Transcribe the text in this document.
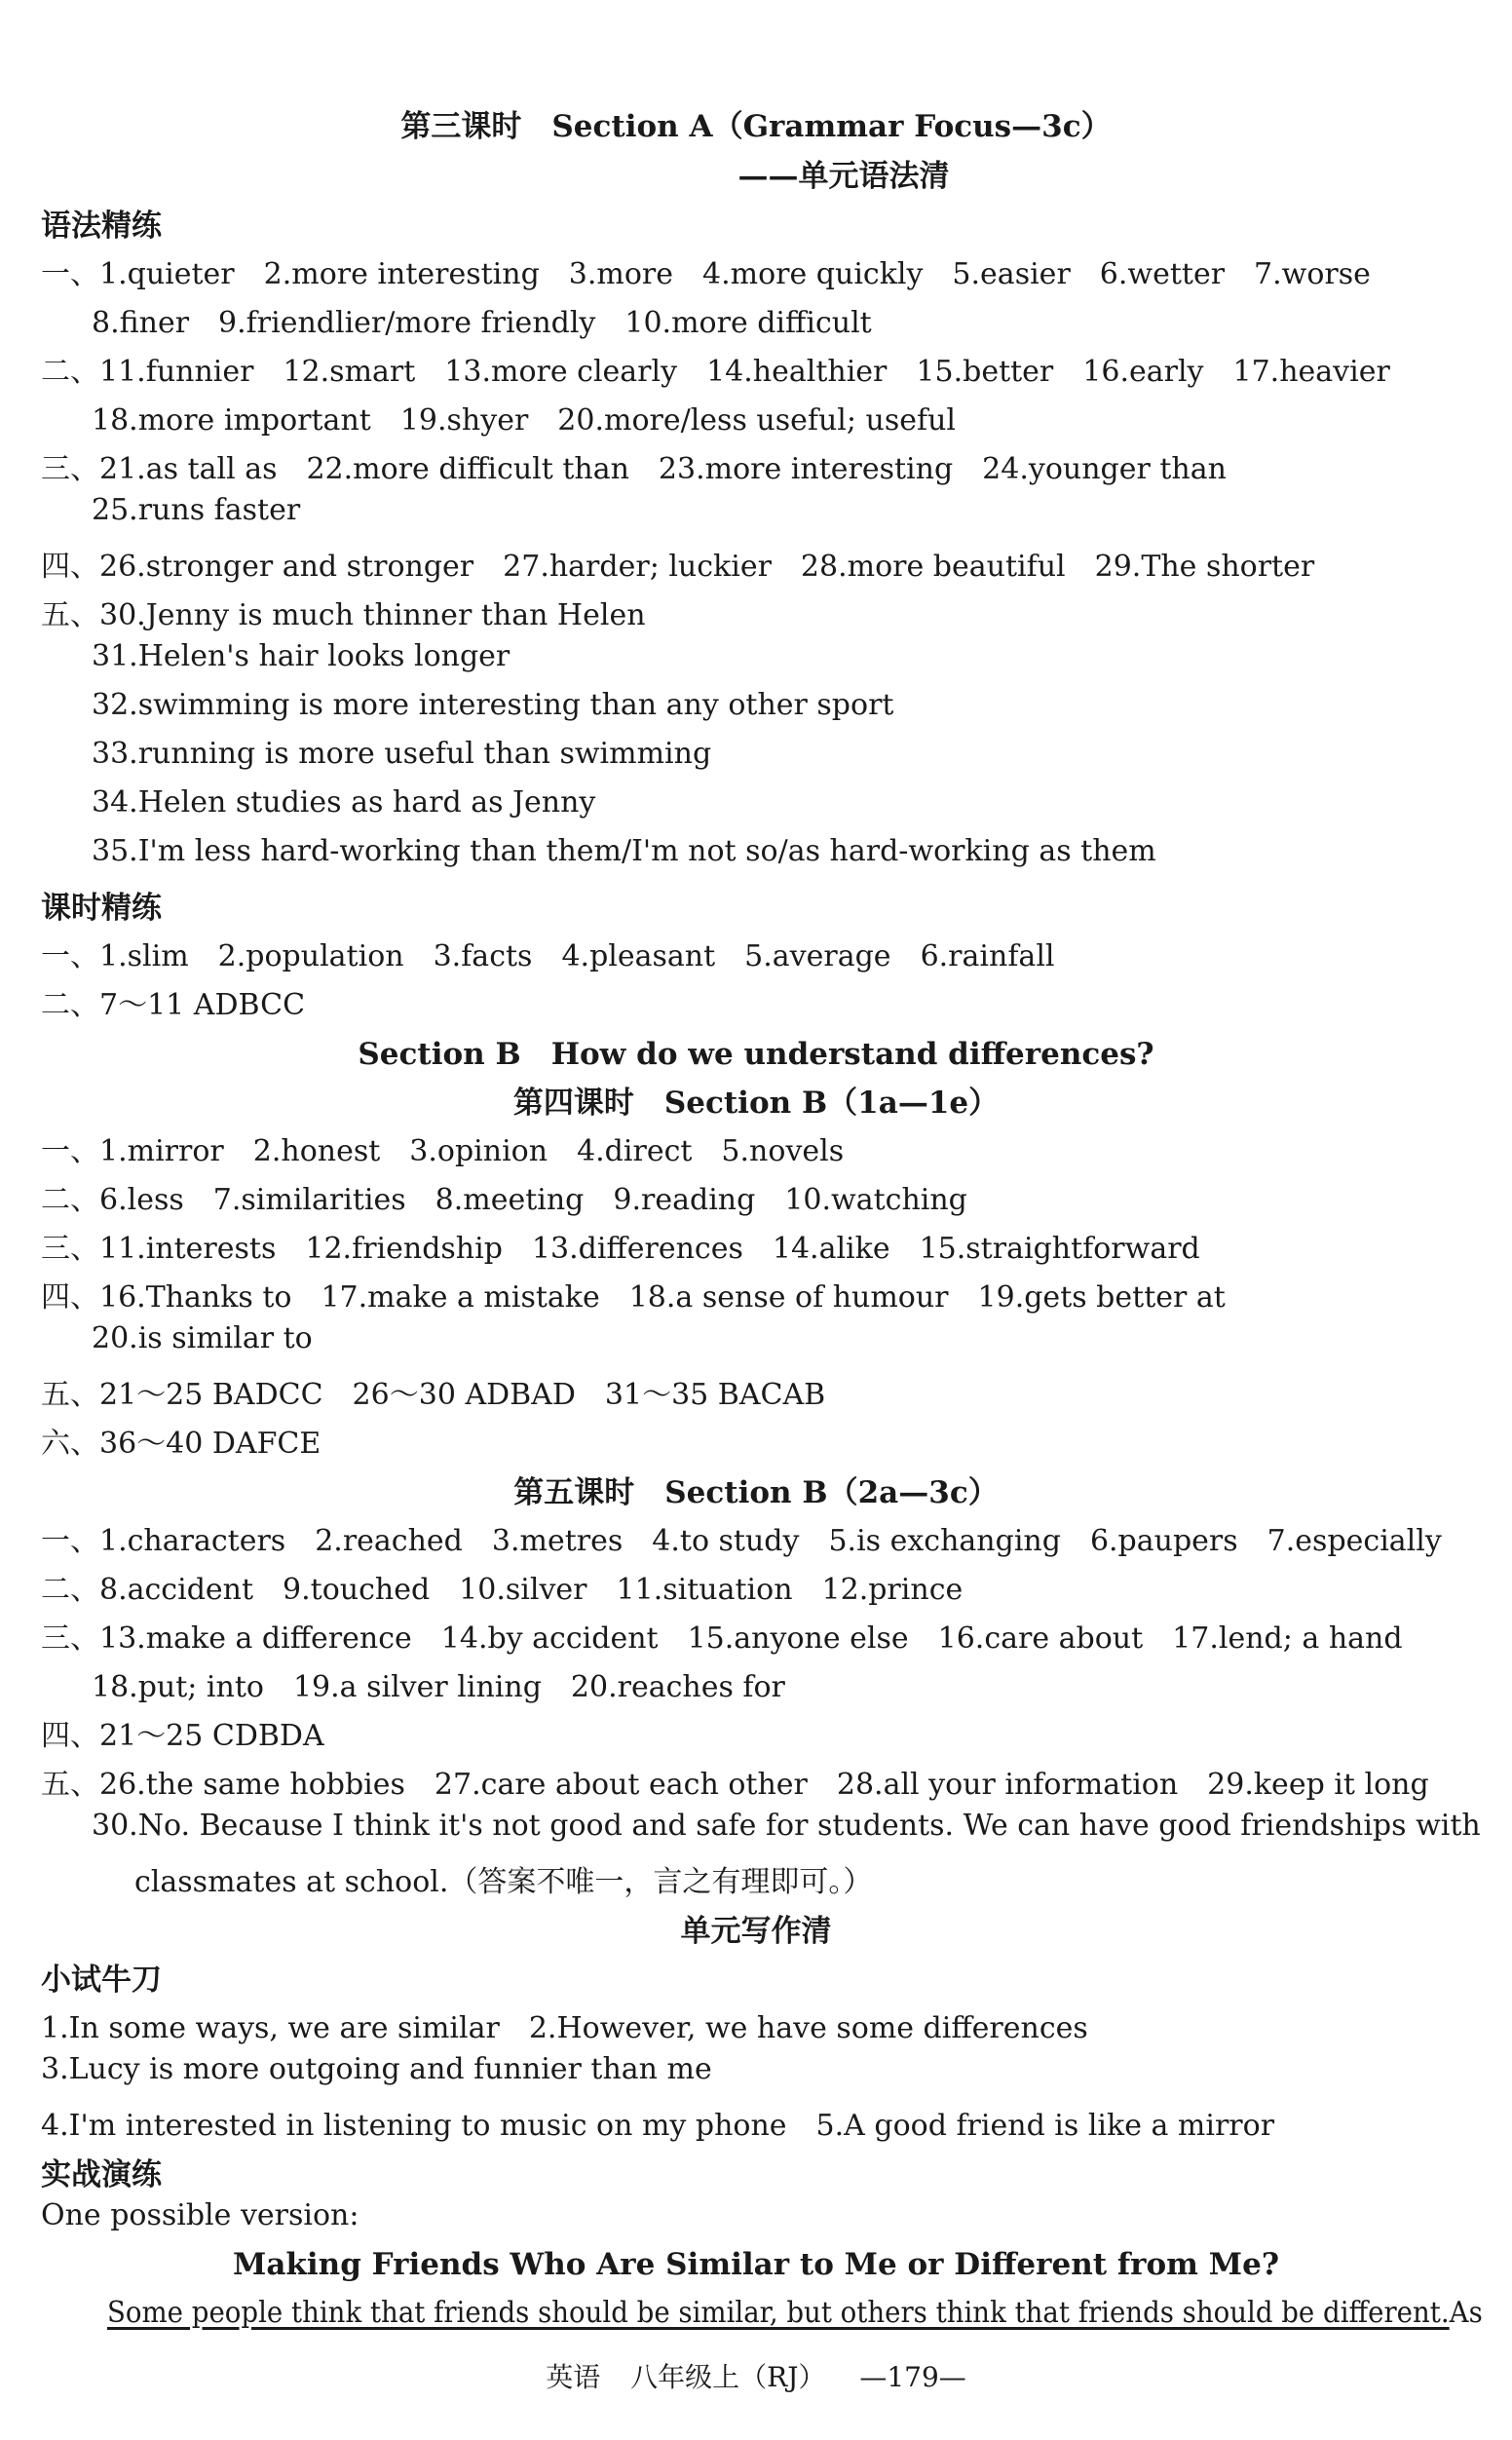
第三课时　Section A（Grammar Focus—3c）
——单元语法清
语法精练
一、1.quieter　2.more interesting　3.more　4.more quickly　5.easier　6.wetter　7.worse
8.finer　9.friendlier/more friendly　10.more difficult
二、11.funnier　12.smart　13.more clearly　14.healthier　15.better　16.early　17.heavier
18.more important　19.shyer　20.more/less useful; useful
三、21.as tall as　22.more difficult than　23.more interesting　24.younger than
25.runs faster
四、26.stronger and stronger　27.harder; luckier　28.more beautiful　29.The shorter
五、30.Jenny is much thinner than Helen
31.Helen's hair looks longer
32.swimming is more interesting than any other sport
33.running is more useful than swimming
34.Helen studies as hard as Jenny
35.I'm less hard-working than them/I'm not so/as hard-working as them
课时精练
一、1.slim　2.population　3.facts　4.pleasant　5.average　6.rainfall
二、7～11 ADBCC
Section B　How do we understand differences?
第四课时　Section B（1a—1e）
一、1.mirror　2.honest　3.opinion　4.direct　5.novels
二、6.less　7.similarities　8.meeting　9.reading　10.watching
三、11.interests　12.friendship　13.differences　14.alike　15.straightforward
四、16.Thanks to　17.make a mistake　18.a sense of humour　19.gets better at
20.is similar to
五、21～25 BADCC　26～30 ADBAD　31～35 BACAB
六、36～40 DAFCE
第五课时　Section B（2a—3c）
一、1.characters　2.reached　3.metres　4.to study　5.is exchanging　6.paupers　7.especially
二、8.accident　9.touched　10.silver　11.situation　12.prince
三、13.make a difference　14.by accident　15.anyone else　16.care about　17.lend; a hand
18.put; into　19.a silver lining　20.reaches for
四、21～25 CDBDA
五、26.the same hobbies　27.care about each other　28.all your information　29.keep it long
30.No. Because I think it's not good and safe for students. We can have good friendships with
classmates at school.（答案不唯一，言之有理即可。）
单元写作清
小试牛刀
1.In some ways, we are similar　2.However, we have some differences
3.Lucy is more outgoing and funnier than me
4.I'm interested in listening to music on my phone　5.A good friend is like a mirror
实战演练
One possible version:
Making Friends Who Are Similar to Me or Different from Me?
Some people think that friends should be similar, but others think that friends should be different.As
英语 八年级上（RJ） —179—
